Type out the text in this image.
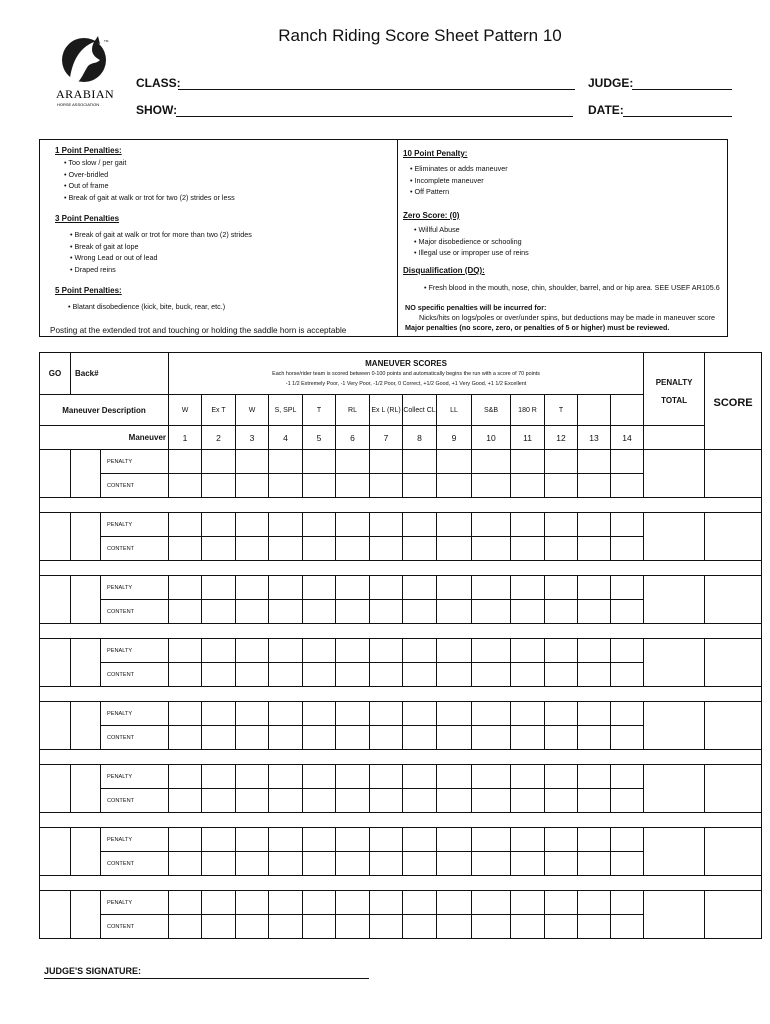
Ranch Riding Score Sheet Pattern 10
TM
ARABIAN
HORSE ASSOCIATION
CLASS:	JUDGE:
SHOW:	DATE:
1 Point Penalties:
• Too slow / per gait
• Over-bridled
• Out of frame
• Break of gait at walk or trot for two (2) strides or less
3 Point Penalties
• Break of gait at walk or trot for more than two (2) strides
• Break of gait at lope
• Wrong Lead or out of lead
• Draped reins
5 Point Penalties:
• Blatant disobedience (kick, bite, buck, rear, etc.)
Posting at the extended trot and touching or holding the saddle horn is acceptable
10 Point Penalty:
• Eliminates or adds maneuver
• Incomplete maneuver
• Off Pattern
Zero Score: (0)
• Willful Abuse
• Major disobedience or schooling
• Illegal use or improper use of reins
Disqualification (DQ):
• Fresh blood in the mouth, nose, chin, shoulder, barrel, and or hip area. SEE USEF AR105.6
NO specific penalties will be incurred for:
Nicks/hits on logs/poles or over/under spins, but deductions may be made in maneuver score
Major penalties (no score, zero, or penalties of 5 or higher) must be reviewed.
GO	Back#		MANEUVER SCORES
Each horse/rider team is scored between 0-100 points and automatically begins the run with a score of 70 points
-1 1/2 Extremely Poor, -1 Very Poor, -1/2 Poor, 0 Correct, +1/2 Good, +1 Very Good, +1 1/2 Excellent														PENALTY TOTAL	SCORE
Maneuver Description			W	Ex T	W	S, SPL	T	RL	Ex L (RL)	Collect CL	LL	S&B	180 R	T				
Maneuver			1	2	3	4	5	6	7	8	9	10	11	12	13	14		
		PENALTY																
		CONTENT																

		PENALTY																
		CONTENT																

		PENALTY																
		CONTENT																

		PENALTY																
		CONTENT																

		PENALTY																
		CONTENT																

		PENALTY																
		CONTENT																

		PENALTY																
		CONTENT																

		PENALTY																
		CONTENT																
JUDGE'S SIGNATURE:
